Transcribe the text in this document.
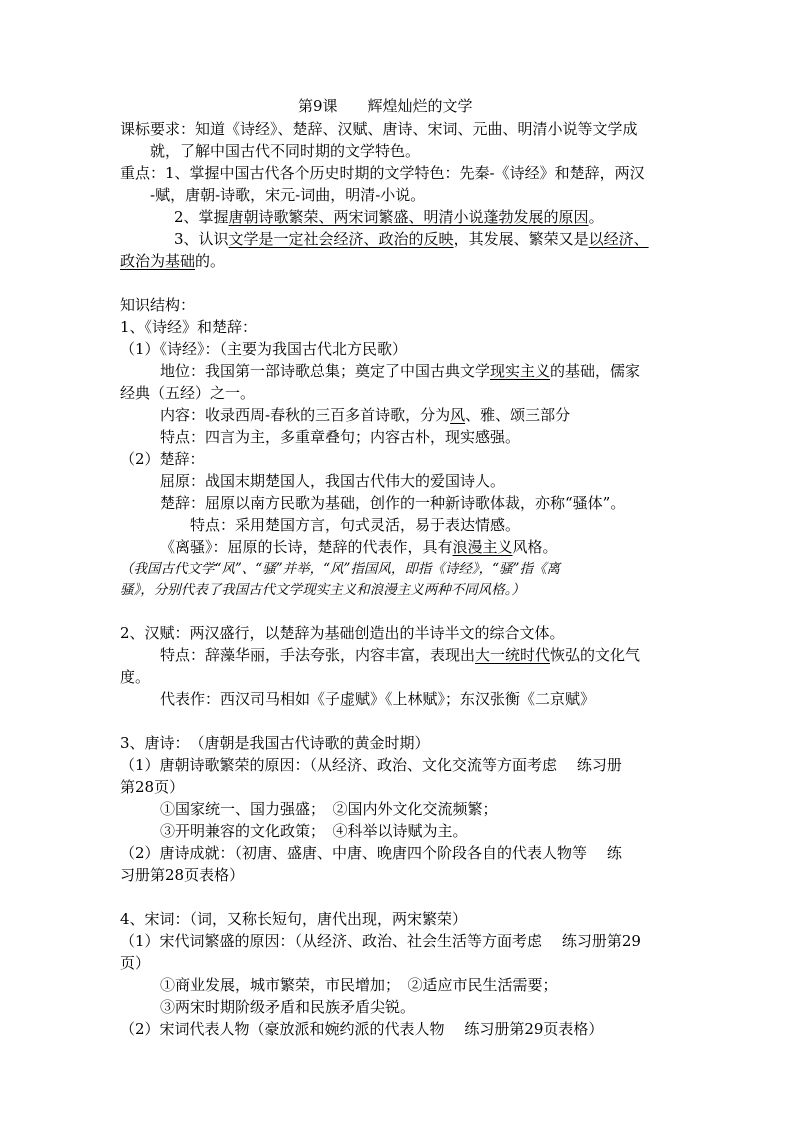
第9课　　辉煌灿烂的文学
课标要求：知道《诗经》、楚辞、汉赋、唐诗、宋词、元曲、明清小说等文学成
就，了解中国古代不同时期的文学特色。
重点：1、掌握中国古代各个历史时期的文学特色：先秦-《诗经》和楚辞，两汉
-赋，唐朝-诗歌，宋元-词曲，明清-小说。
2、掌握唐朝诗歌繁荣、两宋词繁盛、明清小说蓬勃发展的原因。
3、认识文学是一定社会经济、政治的反映，其发展、繁荣又是以经济、
政治为基础的。
知识结构：
1、《诗经》和楚辞：
（1）《诗经》：（主要为我国古代北方民歌）
地位：我国第一部诗歌总集；奠定了中国古典文学现实主义的基础，儒家
经典（五经）之一。
内容：收录西周-春秋的三百多首诗歌，分为风、雅、颂三部分
特点：四言为主，多重章叠句；内容古朴，现实感强。
（2）楚辞：
屈原：战国末期楚国人，我国古代伟大的爱国诗人。
楚辞：屈原以南方民歌为基础，创作的一种新诗歌体裁，亦称“骚体”。
特点：采用楚国方言，句式灵活，易于表达情感。
《离骚》：屈原的长诗，楚辞的代表作，具有浪漫主义风格。
（我国古代文学“风”、“骚”并举，“风”指国风，即指《诗经》，“骚”指《离
骚》，分别代表了我国古代文学现实主义和浪漫主义两种不同风格。）
2、汉赋：两汉盛行，以楚辞为基础创造出的半诗半文的综合文体。
特点：辞藻华丽，手法夸张，内容丰富，表现出大一统时代恢弘的文化气
度。
代表作：西汉司马相如《子虚赋》《上林赋》；东汉张衡《二京赋》
3、唐诗：　（唐朝是我国古代诗歌的黄金时期）
（1）唐朝诗歌繁荣的原因：（从经济、政治、文化交流等方面考虑　 练习册
第28页）
①国家统一、国力强盛；　②国内外文化交流频繁；
③开明兼容的文化政策；　④科举以诗赋为主。
（2）唐诗成就：（初唐、盛唐、中唐、晚唐四个阶段各自的代表人物等　 练
习册第28页表格）
4、宋词：（词，又称长短句，唐代出现，两宋繁荣）
（1）宋代词繁盛的原因：（从经济、政治、社会生活等方面考虑　 练习册第29
页）
①商业发展，城市繁荣，市民增加；　②适应市民生活需要；
③两宋时期阶级矛盾和民族矛盾尖锐。
（2）宋词代表人物（豪放派和婉约派的代表人物　 练习册第29页表格）
